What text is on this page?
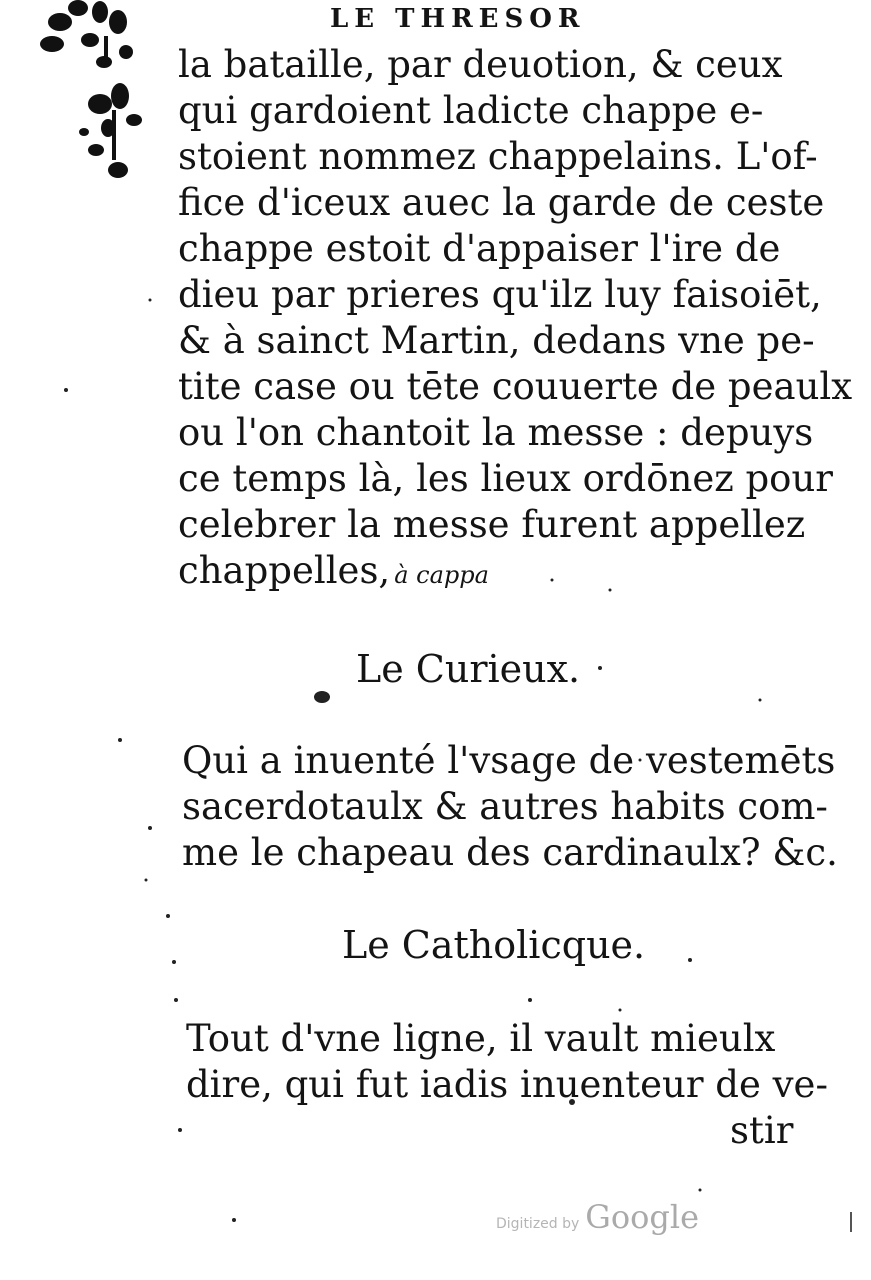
LE THRESOR
la bataille, par deuotion, & ceux
qui gardoient ladicte chappe e-
stoient nommez chappelains. L'of-
fice d'iceux auec la garde de ceste
chappe estoit d'appaiser l'ire de
dieu par prieres qu'ilz luy faisoiēt,
& à sainct Martin, dedans vne pe-
tite case ou tēte couuerte de peaulx
ou l'on chantoit la messe : depuys
ce temps là, les lieux ordōnez pour
celebrer la messe furent appellez
chappelles, à cappa
Le Curieux.
Qui a inuenté l'vsage de vestemēts
sacerdotaulx & autres habits com-
me le chapeau des cardinaulx? &c.
Le Catholicque.
Tout d'vne ligne, il vault mieulx
dire, qui fut iadis inuenteur de ve-
stir
Digitized by Google
